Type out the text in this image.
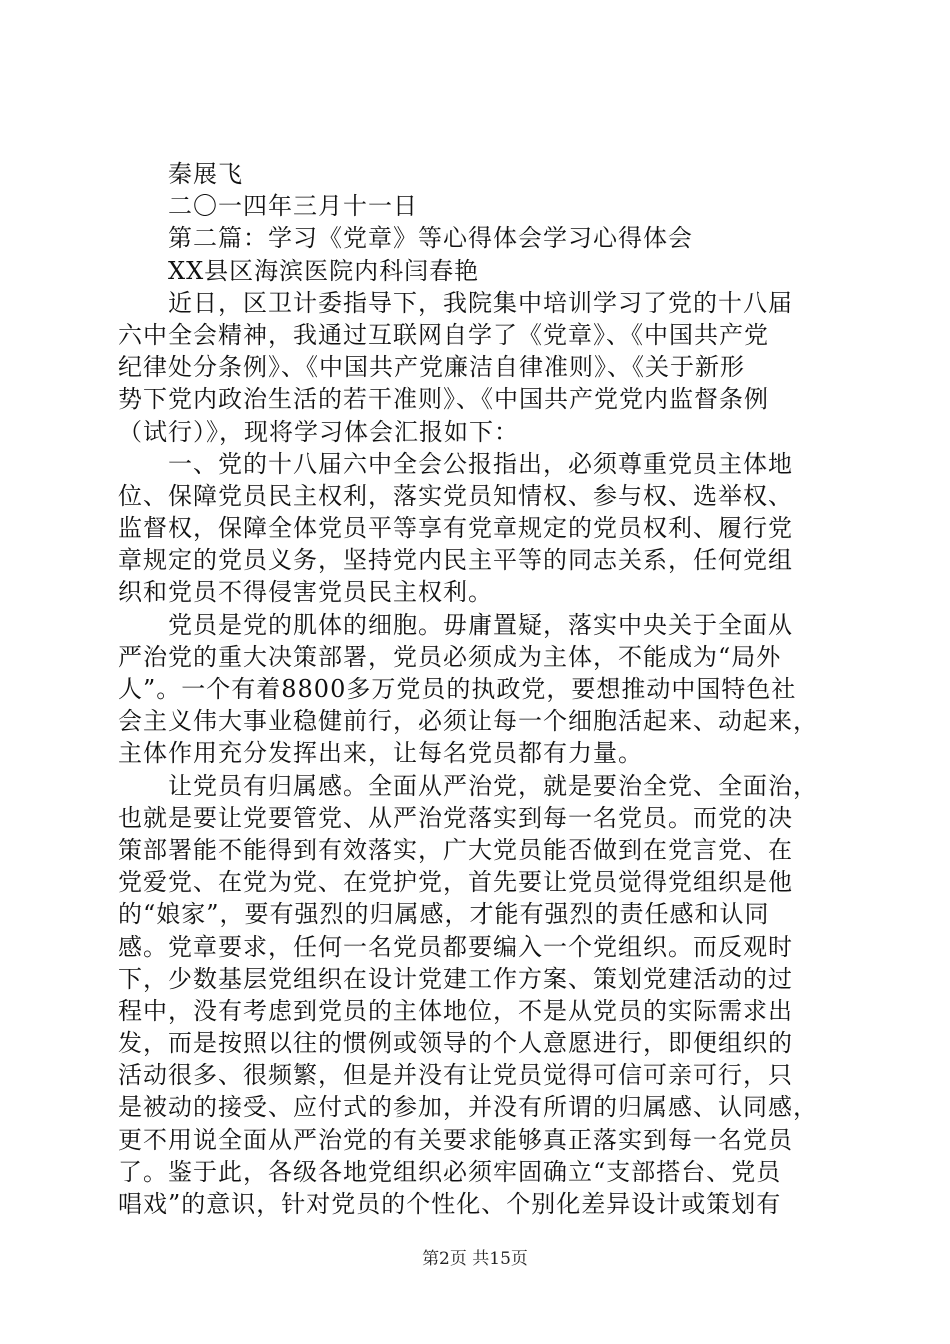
秦展飞
二〇一四年三月十一日
第二篇：学习《党章》等心得体会学习心得体会
XX县区海滨医院内科闫春艳
近日，区卫计委指导下，我院集中培训学习了党的十八届
六中全会精神，我通过互联网自学了《党章》、《中国共产党
纪律处分条例》、《中国共产党廉洁自律准则》、《关于新形
势下党内政治生活的若干准则》、《中国共产党党内监督条例
（试行）》，现将学习体会汇报如下：
一、党的十八届六中全会公报指出，必须尊重党员主体地
位、保障党员民主权利，落实党员知情权、参与权、选举权、
监督权，保障全体党员平等享有党章规定的党员权利、履行党
章规定的党员义务，坚持党内民主平等的同志关系，任何党组
织和党员不得侵害党员民主权利。
党员是党的肌体的细胞。毋庸置疑，落实中央关于全面从
严治党的重大决策部署，党员必须成为主体，不能成为“局外
人”。一个有着8800多万党员的执政党，要想推动中国特色社
会主义伟大事业稳健前行，必须让每一个细胞活起来、动起来，
主体作用充分发挥出来，让每名党员都有力量。
让党员有归属感。全面从严治党，就是要治全党、全面治，
也就是要让党要管党、从严治党落实到每一名党员。而党的决
策部署能不能得到有效落实，广大党员能否做到在党言党、在
党爱党、在党为党、在党护党，首先要让党员觉得党组织是他
的“娘家”，要有强烈的归属感，才能有强烈的责任感和认同
感。党章要求，任何一名党员都要编入一个党组织。而反观时
下，少数基层党组织在设计党建工作方案、策划党建活动的过
程中，没有考虑到党员的主体地位，不是从党员的实际需求出
发，而是按照以往的惯例或领导的个人意愿进行，即便组织的
活动很多、很频繁，但是并没有让党员觉得可信可亲可行，只
是被动的接受、应付式的参加，并没有所谓的归属感、认同感，
更不用说全面从严治党的有关要求能够真正落实到每一名党员
了。鉴于此，各级各地党组织必须牢固确立“支部搭台、党员
唱戏”的意识，针对党员的个性化、个别化差异设计或策划有
第2页 共15页
